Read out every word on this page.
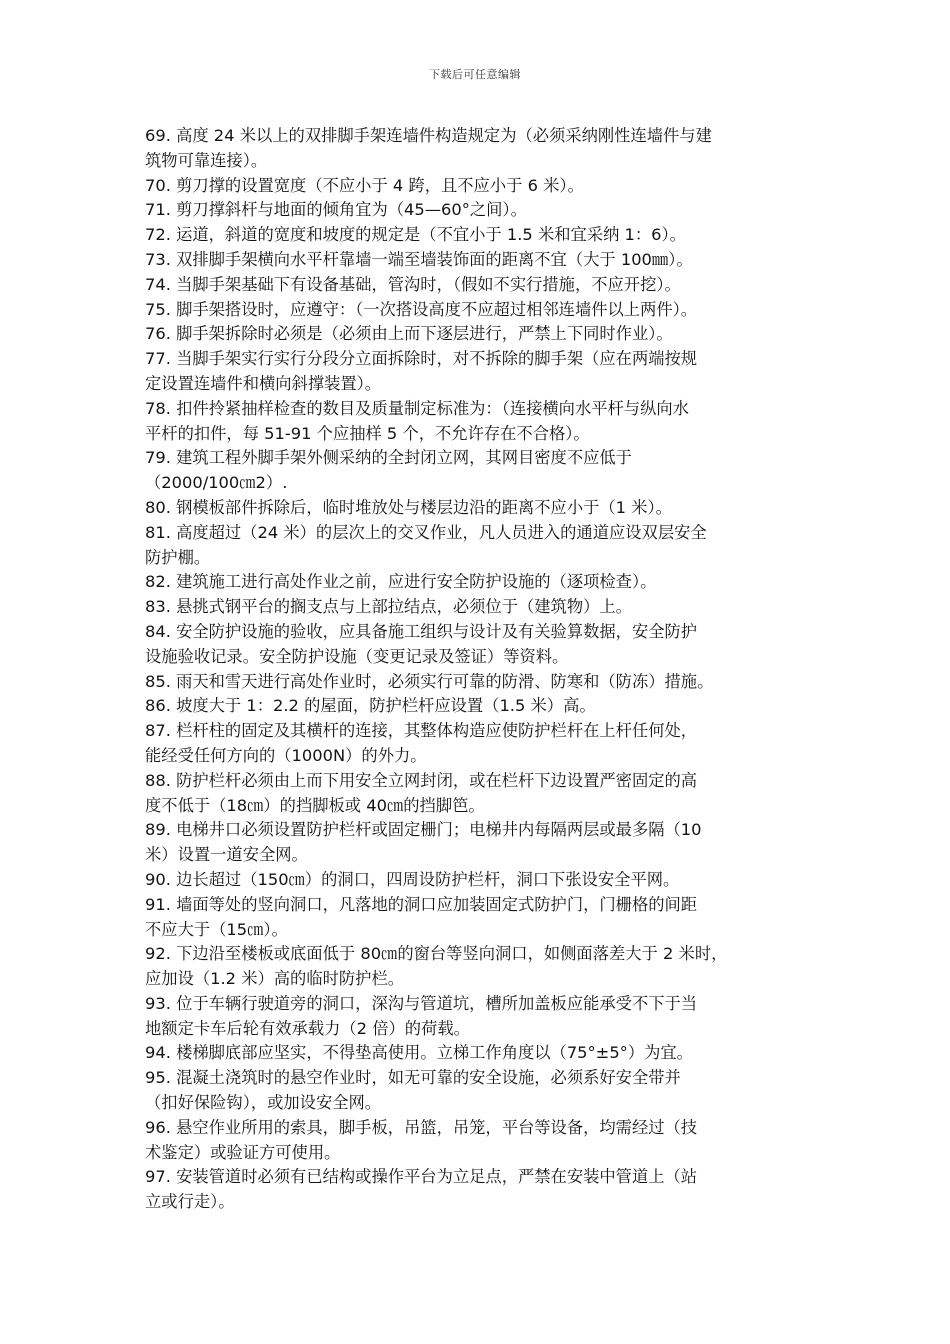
下载后可任意编辑
69. 高度 24 米以上的双排脚手架连墙件构造规定为（必须采纳刚性连墙件与建
筑物可靠连接）。
70. 剪刀撑的设置宽度（不应小于 4 跨，且不应小于 6 米）。
71. 剪刀撑斜杆与地面的倾角宜为（45—60°之间）。
72. 运道，斜道的宽度和坡度的规定是（不宜小于 1.5 米和宜采纳 1：6）。
73. 双排脚手架横向水平杆靠墙一端至墙装饰面的距离不宜（大于 100㎜）。
74. 当脚手架基础下有设备基础，管沟时，（假如不实行措施，不应开挖）。
75. 脚手架搭设时，应遵守：（一次搭设高度不应超过相邻连墙件以上两件）。
76. 脚手架拆除时必须是（必须由上而下逐层进行，严禁上下同时作业）。
77. 当脚手架实行实行分段分立面拆除时，对不拆除的脚手架（应在两端按规
定设置连墙件和横向斜撑装置）。
78. 扣件拎紧抽样检查的数目及质量制定标准为：（连接横向水平杆与纵向水
平杆的扣件，每 51-91 个应抽样 5 个，不允许存在不合格）。
79. 建筑工程外脚手架外侧采纳的全封闭立网，其网目密度不应低于
（2000/100㎝2）.
80. 钢模板部件拆除后，临时堆放处与楼层边沿的距离不应小于（1 米）。
81. 高度超过（24 米）的层次上的交叉作业，凡人员进入的通道应设双层安全
防护棚。
82. 建筑施工进行高处作业之前，应进行安全防护设施的（逐项检查）。
83. 悬挑式钢平台的搁支点与上部拉结点，必须位于（建筑物）上。
84. 安全防护设施的验收，应具备施工组织与设计及有关验算数据，安全防护
设施验收记录。安全防护设施（变更记录及签证）等资料。
85. 雨天和雪天进行高处作业时，必须实行可靠的防滑、防寒和（防冻）措施。
86. 坡度大于 1：2.2 的屋面，防护栏杆应设置（1.5 米）高。
87. 栏杆柱的固定及其横杆的连接，其整体构造应使防护栏杆在上杆任何处，
能经受任何方向的（1000N）的外力。
88. 防护栏杆必须由上而下用安全立网封闭，或在栏杆下边设置严密固定的高
度不低于（18㎝）的挡脚板或 40㎝的挡脚笆。
89. 电梯井口必须设置防护栏杆或固定栅门；电梯井内每隔两层或最多隔（10
米）设置一道安全网。
90. 边长超过（150㎝）的洞口，四周设防护栏杆，洞口下张设安全平网。
91. 墙面等处的竖向洞口，凡落地的洞口应加装固定式防护门，门栅格的间距
不应大于（15㎝）。
92. 下边沿至楼板或底面低于 80㎝的窗台等竖向洞口，如侧面落差大于 2 米时，
应加设（1.2 米）高的临时防护栏。
93. 位于车辆行驶道旁的洞口，深沟与管道坑，槽所加盖板应能承受不下于当
地额定卡车后轮有效承载力（2 倍）的荷载。
94. 楼梯脚底部应坚实，不得垫高使用。立梯工作角度以（75°±5°）为宜。
95. 混凝土浇筑时的悬空作业时，如无可靠的安全设施，必须系好安全带并
（扣好保险钩），或加设安全网。
96. 悬空作业所用的索具，脚手板，吊篮，吊笼，平台等设备，均需经过（技
术鉴定）或验证方可使用。
97. 安装管道时必须有已结构或操作平台为立足点，严禁在安装中管道上（站
立或行走）。
